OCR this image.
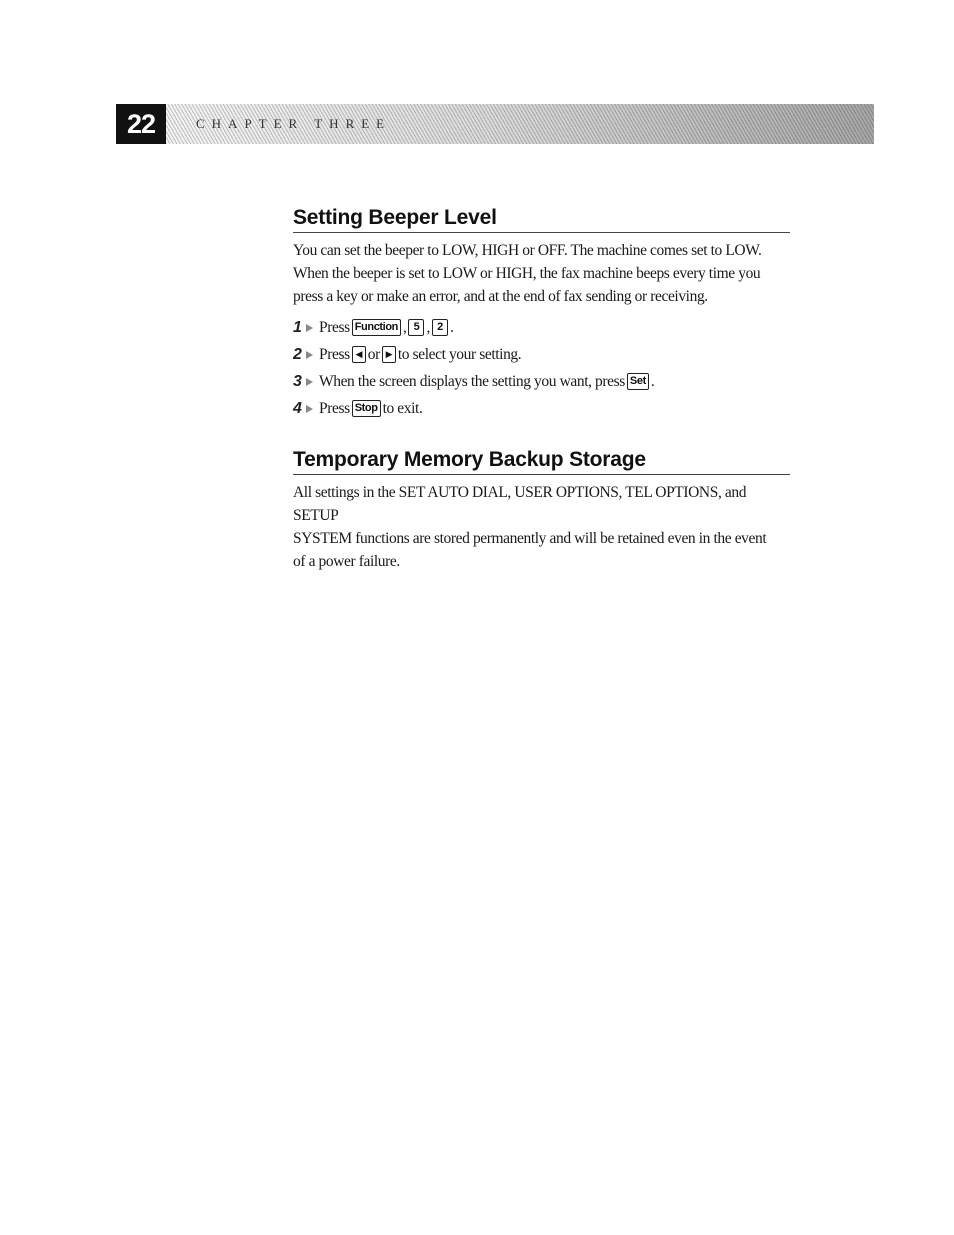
22	CHAPTER THREE
Setting Beeper Level

You can set the beeper to LOW, HIGH or OFF. The machine comes set to LOW.
When the beeper is set to LOW or HIGH, the fax machine beeps every time you
press a key or make an error, and at the end of fax sending or receiving.

1	Press Function , 5 , 2 .
2	Press ◀ or ▶ to select your setting.
3	When the screen displays the setting you want, press Set .
4	Press Stop to exit.
Temporary Memory Backup Storage

All settings in the SET AUTO DIAL, USER OPTIONS, TEL OPTIONS, and SETUP
SYSTEM functions are stored permanently and will be retained even in the event
of a power failure.
